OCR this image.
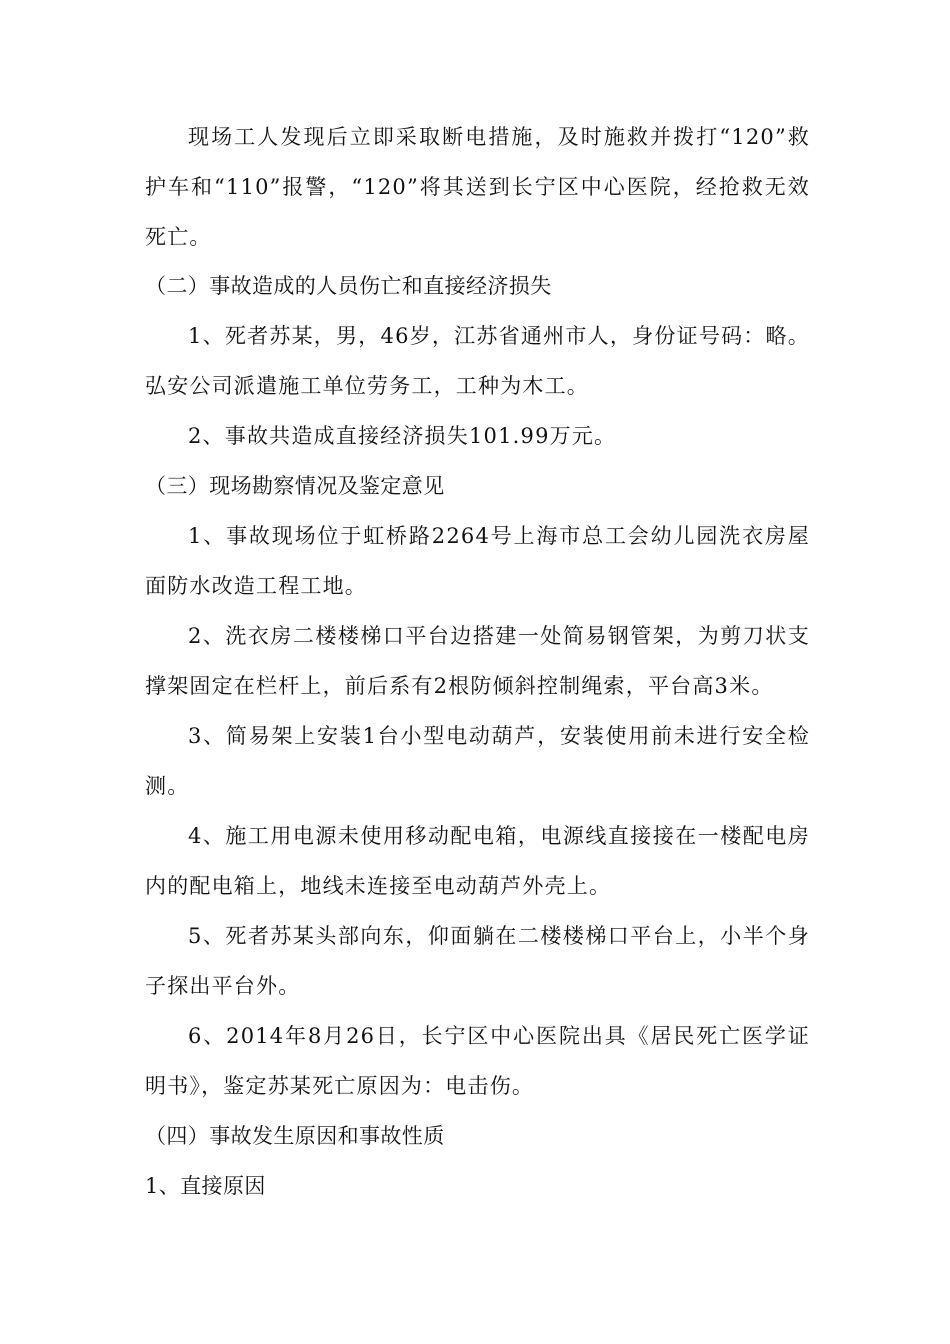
现场工人发现后立即采取断电措施，及时施救并拨打“120”救护车和“110”报警，“120”将其送到长宁区中心医院，经抢救无效死亡。

（二）事故造成的人员伤亡和直接经济损失

1、死者苏某，男，46岁，江苏省通州市人，身份证号码：略。弘安公司派遣施工单位劳务工，工种为木工。

2、事故共造成直接经济损失101.99万元。

（三）现场勘察情况及鉴定意见

1、事故现场位于虹桥路2264号上海市总工会幼儿园洗衣房屋面防水改造工程工地。

2、洗衣房二楼楼梯口平台边搭建一处简易钢管架，为剪刀状支撑架固定在栏杆上，前后系有2根防倾斜控制绳索，平台高3米。

3、简易架上安装1台小型电动葫芦，安装使用前未进行安全检测。

4、施工用电源未使用移动配电箱，电源线直接接在一楼配电房内的配电箱上，地线未连接至电动葫芦外壳上。

5、死者苏某头部向东，仰面躺在二楼楼梯口平台上，小半个身子探出平台外。

6、2014年8月26日，长宁区中心医院出具《居民死亡医学证明书》，鉴定苏某死亡原因为：电击伤。

（四）事故发生原因和事故性质

1、直接原因
